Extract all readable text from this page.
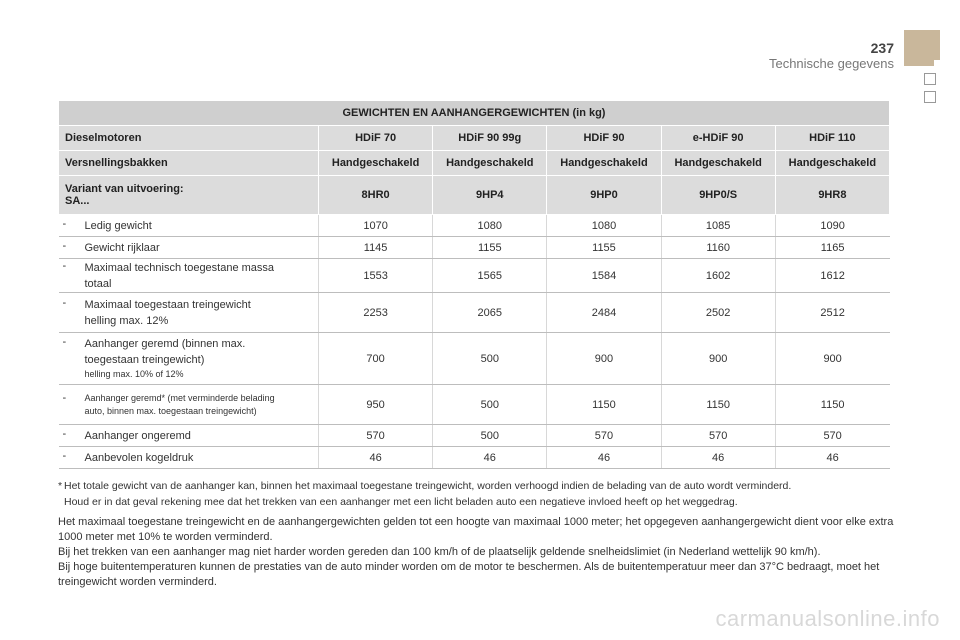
237
Technische gegevens
GEWICHTEN EN AANHANGERGEWICHTEN (in kg)					
Dieselmotoren	HDiF 70	HDiF 90 99g	HDiF 90	e-HDiF 90	HDiF 110
Versnellingsbakken	Handgeschakeld	Handgeschakeld	Handgeschakeld	Handgeschakeld	Handgeschakeld

Variant van uitvoering:
SA...	8HR0	9HP4	9HP0	9HP0/S	9HR8

- Ledig gewicht	1070	1080	1080	1085	1090

- Gewicht rijklaar	1145	1155	1155	1160	1165

- Maximaal technisch toegestane massa
totaal	1553	1565	1584	1602	1612

- Maximaal toegestaan treingewicht
helling max. 12%	2253	2065	2484	2502	2512

- Aanhanger geremd (binnen max.
toegestaan treingewicht)
helling max. 10% of 12%	700	500	900	900	900

- Aanhanger geremd* (met verminderde belading
auto, binnen max. toegestaan treingewicht)	950	500	1150	1150	1150

- Aanhanger ongeremd	570	500	570	570	570

- Aanbevolen kogeldruk	46	46	46	46	46
* Het totale gewicht van de aanhanger kan, binnen het maximaal toegestane treingewicht, worden verhoogd indien de belading van de auto wordt verminderd.
Houd er in dat geval rekening mee dat het trekken van een aanhanger met een licht beladen auto een negatieve invloed heeft op het weggedrag.

Het maximaal toegestane treingewicht en de aanhangergewichten gelden tot een hoogte van maximaal 1000 meter; het opgegeven aanhangergewicht dient voor elke extra 1000 meter met 10% te worden verminderd.

Bij het trekken van een aanhanger mag niet harder worden gereden dan 100 km/h of de plaatselijk geldende snelheidslimiet (in Nederland wettelijk 90 km/h).

Bij hoge buitentemperaturen kunnen de prestaties van de auto minder worden om de motor te beschermen. Als de buitentemperatuur meer dan 37°C bedraagt, moet het treingewicht worden verminderd.

carmanualsonline.info
